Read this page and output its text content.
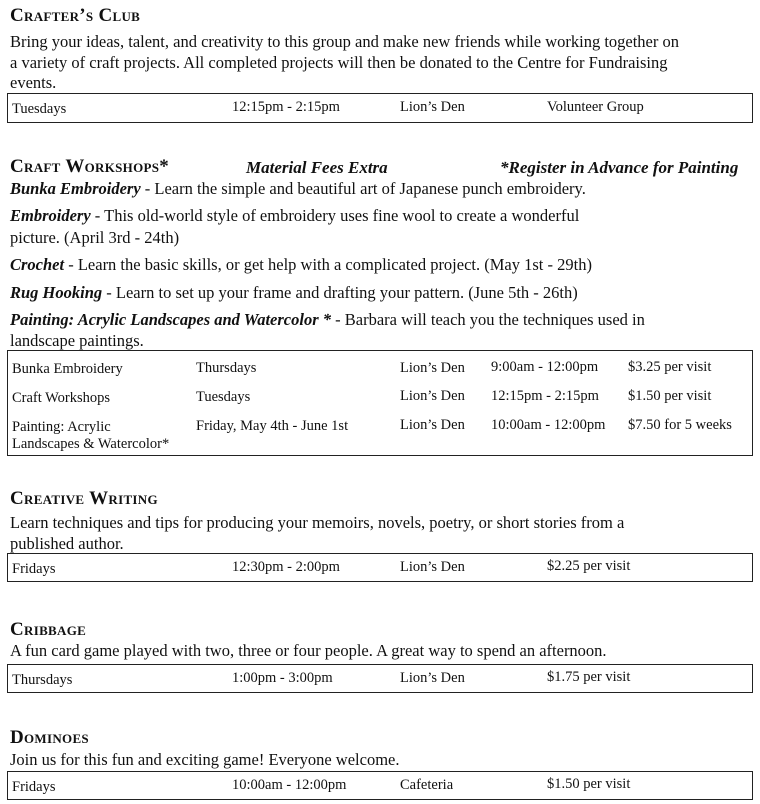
Crafter’s Club

Bring your ideas, talent, and creativity to this group and make new friends while working together on

a variety of craft projects. All completed projects will then be donated to the Centre for Fundraising

events.

Tuesdays	12:15pm - 2:15pm	Lion’s Den	Volunteer Group
Craft Workshops*	Material Fees Extra	*Register in Advance for Painting

Bunka Embroidery - Learn the simple and beautiful art of Japanese punch embroidery.

Embroidery - This old-world style of embroidery uses fine wool to create a wonderful

picture. (April 3rd - 24th)

Crochet - Learn the basic skills, or get help with a complicated project. (May 1st - 29th)

Rug Hooking - Learn to set up your frame and drafting your pattern. (June 5th - 26th)

Painting: Acrylic Landscapes and Watercolor * - Barbara will teach you the techniques used in

landscape paintings.

Bunka Embroidery	Thursdays	Lion’s Den 9:00am - 12:00pm $3.25 per visit
Craft Workshops	Tuesdays	Lion’s Den 12:15pm - 2:15pm $1.50 per visit
Painting: Acrylic
Landscapes & Watercolor*
Friday, May 4th - June 1st	Lion’s Den 10:00am - 12:00pm $7.50 for 5 weeks
Creative Writing

Learn techniques and tips for producing your memoirs, novels, poetry, or short stories from a

published author.

Fridays	12:30pm - 2:00pm	Lion’s Den	$2.25 per visit
Cribbage

A fun card game played with two, three or four people. A great way to spend an afternoon.

Thursdays	1:00pm - 3:00pm	Lion’s Den	$1.75 per visit
Dominoes

Join us for this fun and exciting game! Everyone welcome.

Fridays	10:00am - 12:00pm	Cafeteria	$1.50 per visit
